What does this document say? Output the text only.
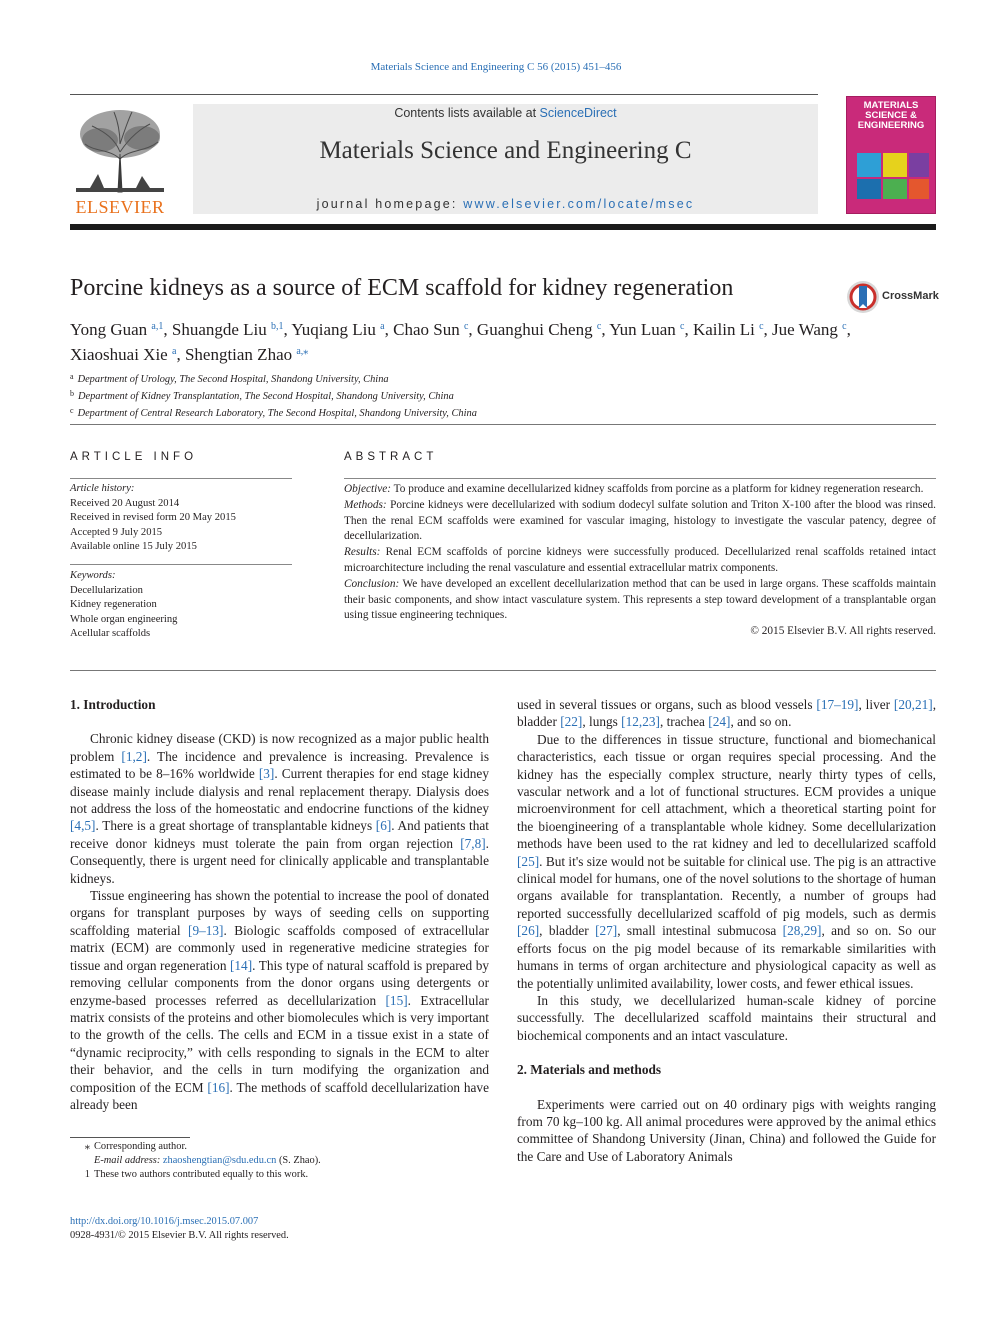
Materials Science and Engineering C 56 (2015) 451–456
ELSEVIER
Contents lists available at ScienceDirect
Materials Science and Engineering C
journal homepage: www.elsevier.com/locate/msec
MATERIALS
SCIENCE &
ENGINEERING
Porcine kidneys as a source of ECM scaffold for kidney regeneration	CrossMark
Yong Guan $^{a,1}$, Shuangde Liu $^{b,1}$, Yuqiang Liu $^a$, Chao Sun $^c$, Guanghui Cheng $^c$, Yun Luan $^c$, Kailin Li $^c$, Jue Wang $^c$,
Xiaoshuai Xie $^a$, Shengtian Zhao $^{a,⁎}$
$^a$ Department of Urology, The Second Hospital, Shandong University, China
$^b$ Department of Kidney Transplantation, The Second Hospital, Shandong University, China
$^c$ Department of Central Research Laboratory, The Second Hospital, Shandong University, China
ARTICLE INFO
Article history:
Received 20 August 2014
Received in revised form 20 May 2015
Accepted 9 July 2015
Available online 15 July 2015
Keywords:
Decellularization
Kidney regeneration
Whole organ engineering
Acellular scaffolds
ABSTRACT

Objective: To produce and examine decellularized kidney scaffolds from porcine as a platform for kidney regeneration research.

Methods: Porcine kidneys were decellularized with sodium dodecyl sulfate solution and Triton X-100 after the blood was rinsed. Then the renal ECM scaffolds were examined for vascular imaging, histology to investigate the vascular patency, degree of decellularization.

Results: Renal ECM scaffolds of porcine kidneys were successfully produced. Decellularized renal scaffolds retained intact microarchitecture including the renal vasculature and essential extracellular matrix components.

Conclusion: We have developed an excellent decellularization method that can be used in large organs. These scaffolds maintain their basic components, and show intact vasculature system. This represents a step toward development of a transplantable organ using tissue engineering techniques.

© 2015 Elsevier B.V. All rights reserved.

1. Introduction

Chronic kidney disease (CKD) is now recognized as a major public health problem [1,2]. The incidence and prevalence is increasing. Prevalence is estimated to be 8–16% worldwide [3]. Current therapies for end stage kidney disease mainly include dialysis and renal replacement therapy. Dialysis does not address the loss of the homeostatic and endocrine functions of the kidney [4,5]. There is a great shortage of transplantable kidneys [6]. And patients that receive donor kidneys must tolerate the pain from organ rejection [7,8]. Consequently, there is urgent need for clinically applicable and transplantable kidneys.

Tissue engineering has shown the potential to increase the pool of donated organs for transplant purposes by ways of seeding cells on supporting scaffolding material [9–13]. Biologic scaffolds composed of extracellular matrix (ECM) are commonly used in regenerative medicine strategies for tissue and organ regeneration [14]. This type of natural scaffold is prepared by removing cellular components from the donor organs using detergents or enzyme-based processes referred as decellularization [15]. Extracellular matrix consists of the proteins and other biomolecules which is very important to the growth of the cells. The cells and ECM in a tissue exist in a state of “dynamic reciprocity,” with cells responding to signals in the ECM to alter their behavior, and the cells in turn modifying the organization and composition of the ECM [16]. The methods of scaffold decellularization have already been

used in several tissues or organs, such as blood vessels [17–19], liver [20,21], bladder [22], lungs [12,23], trachea [24], and so on.

Due to the differences in tissue structure, functional and biomechanical characteristics, each tissue or organ requires special processing. And the kidney has the especially complex structure, nearly thirty types of cells, vascular network and a lot of functional structures. ECM provides a unique microenvironment for cell attachment, which a theoretical starting point for the bioengineering of a transplantable whole kidney. Some decellularization methods have been used to the rat kidney and led to decellularized scaffold [25]. But it's size would not be suitable for clinical use. The pig is an attractive clinical model for humans, one of the novel solutions to the shortage of human organs available for transplantation. Recently, a number of groups had reported successfully decellularized scaffold of pig models, such as dermis [26], bladder [27], small intestinal submucosa [28,29], and so on. So our efforts focus on the pig model because of its remarkable similarities with humans in terms of organ architecture and physiological capacity as well as the potentially unlimited availability, lower costs, and fewer ethical issues.

In this study, we decellularized human-scale kidney of porcine successfully. The decellularized scaffold maintains their structural and biochemical components and an intact vasculature.

2. Materials and methods

Experiments were carried out on 40 ordinary pigs with weights ranging from 70 kg–100 kg. All animal procedures were approved by the animal ethics committee of Shandong University (Jinan, China) and followed the Guide for the Care and Use of Laboratory Animals

⁎ Corresponding author.
E-mail address: zhaoshengtian@sdu.edu.cn (S. Zhao).
1 These two authors contributed equally to this work.
http://dx.doi.org/10.1016/j.msec.2015.07.007
0928-4931/© 2015 Elsevier B.V. All rights reserved.
